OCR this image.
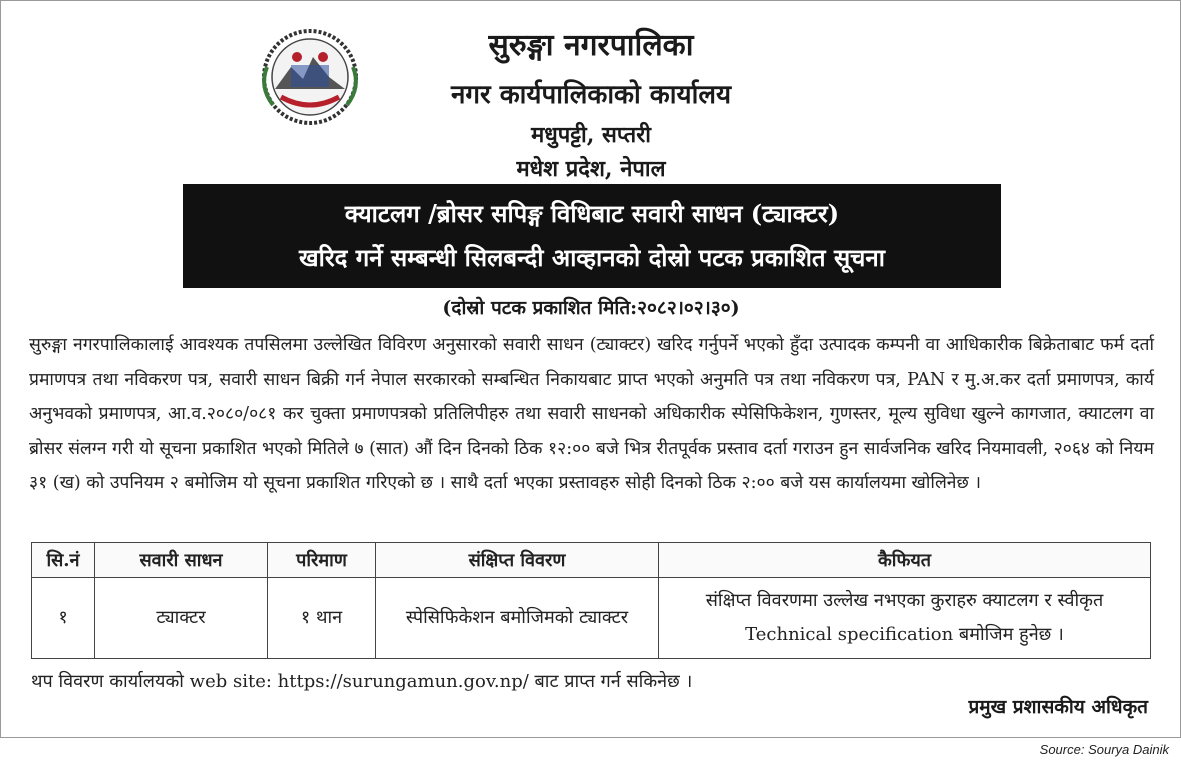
सुरुङ्गा नगरपालिका
नगर कार्यपालिकाको कार्यालय
मधुपट्टी, सप्तरी
मधेश प्रदेश, नेपाल
क्याटलग /ब्रोसर सपिङ्ग विधिबाट सवारी साधन (ट्याक्टर)
खरिद गर्ने सम्बन्धी सिलबन्दी आव्हानको दोस्रो पटक प्रकाशित सूचना
(दोस्रो पटक प्रकाशित मिति:२०८२।०२।३०)
सुरुङ्गा नगरपालिकालाई आवश्यक तपसिलमा उल्लेखित विविरण अनुसारको सवारी साधन (ट्याक्टर) खरिद गर्नुपर्ने भएको हुँदा उत्पादक कम्पनी वा आधिकारीक बिक्रेताबाट फर्म दर्ता प्रमाणपत्र तथा नविकरण पत्र, सवारी साधन बिक्री गर्न नेपाल सरकारको सम्बन्धित निकायबाट प्राप्त भएको अनुमति पत्र तथा नविकरण पत्र, PAN र मु.अ.कर दर्ता प्रमाणपत्र, कार्य अनुभवको प्रमाणपत्र, आ.व.२०८०/०८१ कर चुक्ता प्रमाणपत्रको प्रतिलिपीहरु तथा सवारी साधनको अधिकारीक स्पेसिफिकेशन, गुणस्तर, मूल्य सुविधा खुल्ने कागजात, क्याटलग वा ब्रोसर संलग्न गरी यो सूचना प्रकाशित भएको मितिले ७ (सात) औं दिन दिनको ठिक १२:०० बजे भित्र रीतपूर्वक प्रस्ताव दर्ता गराउन हुन सार्वजनिक खरिद नियमावली, २०६४ को नियम ३१ (ख) को उपनियम २ बमोजिम यो सूचना प्रकाशित गरिएको छ । साथै दर्ता भएका प्रस्तावहरु सोही दिनको ठिक २:०० बजे यस कार्यालयमा खोलिनेछ ।
सि.नं	सवारी साधन	परिमाण	संक्षिप्त विवरण	कैफियत
१	ट्याक्टर	१ थान	स्पेसिफिकेशन बमोजिमको ट्याक्टर	संक्षिप्त विवरणमा उल्लेख नभएका कुराहरु क्याटलग र स्वीकृत Technical specification बमोजिम हुनेछ ।
थप विवरण कार्यालयको web site: https://surungamun.gov.np/ बाट प्राप्त गर्न सकिनेछ ।
प्रमुख प्रशासकीय अधिकृत
​
Source: Sourya Dainik
